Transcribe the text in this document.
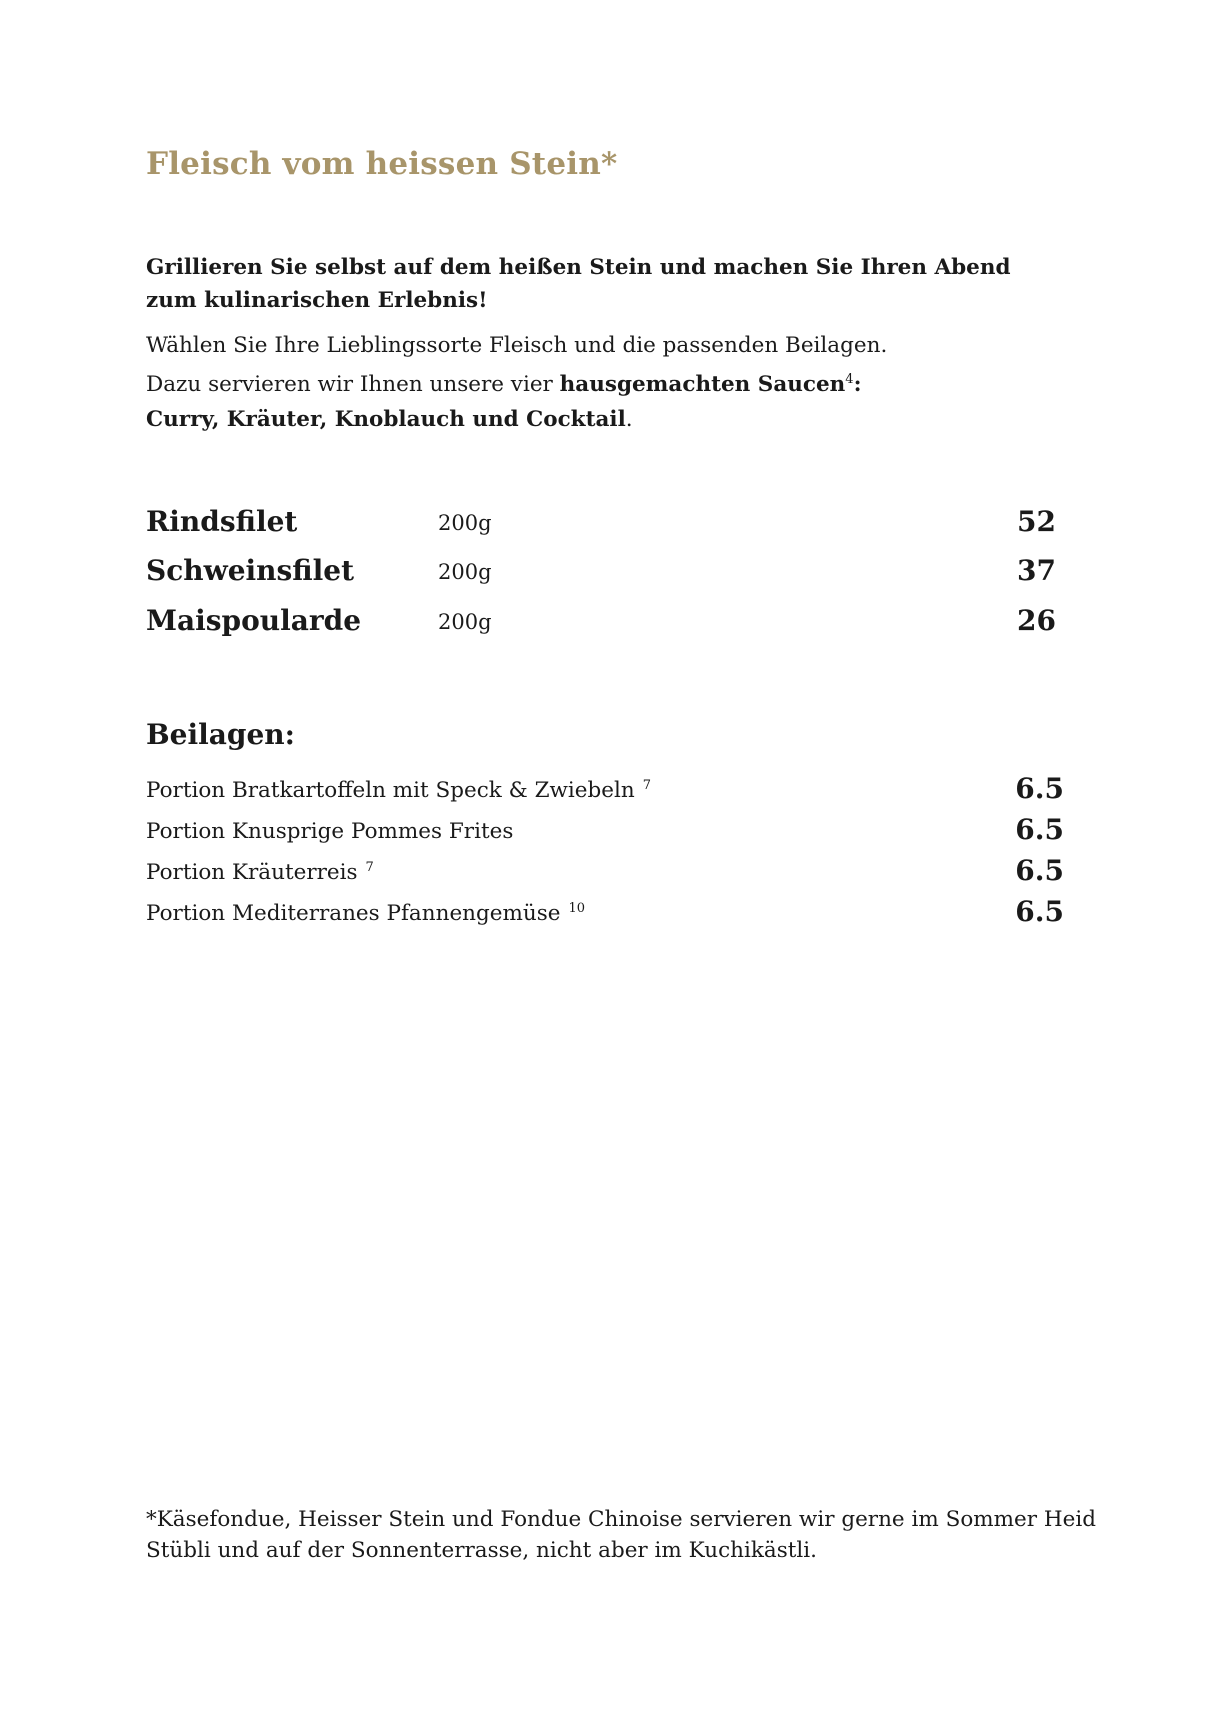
Fleisch vom heissen Stein*

Grillieren Sie selbst auf dem heißen Stein und machen Sie Ihren Abend zum kulinarischen Erlebnis!

Wählen Sie Ihre Lieblingssorte Fleisch und die passenden Beilagen.

Dazu servieren wir Ihnen unsere vier hausgemachten Saucen$^4$:

Curry, Kräuter, Knoblauch und Cocktail.

Rindsfilet	200g	52
Schweinsfilet	200g	37
Maispoularde	200g	26
Beilagen:
Portion Bratkartoffeln mit Speck & Zwiebeln $^7$	6.5
Portion Knusprige Pommes Frites	6.5
Portion Kräuterreis $^7$	6.5
Portion Mediterranes Pfannengemüse $^{10}$	6.5

*Käsefondue, Heisser Stein und Fondue Chinoise servieren wir gerne im Sommer Heid Stübli und auf der Sonnenterrasse, nicht aber im Kuchikästli.
